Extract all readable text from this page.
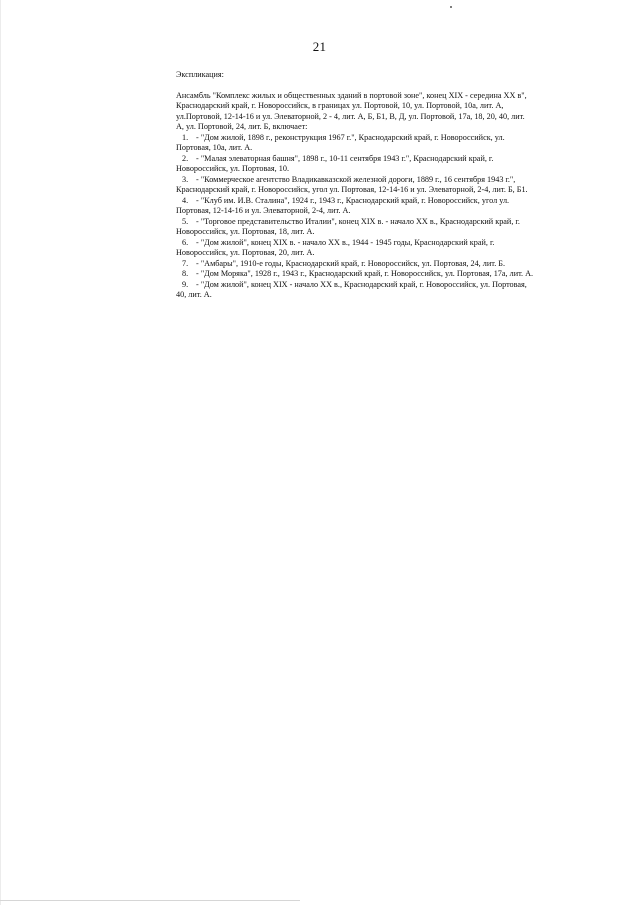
21

Экспликация:

Ансамбль "Комплекс жилых и общественных зданий в портовой зоне", конец XIX - середина XX в", Краснодарский край, г. Новороссийск, в границах ул. Портовой, 10, ул. Портовой, 10а, лит. А, ул.Портовой, 12-14-16 и ул. Элеваторной, 2 - 4, лит. А, Б, Б1, В, Д, ул. Портовой, 17а, 18, 20, 40, лит. А, ул. Портовой, 24, лит. Б, включает:

1. - "Дом жилой, 1898 г., реконструкция 1967 г.", Краснодарский край, г. Новороссийск, ул. Портовая, 10а, лит. А.
2. - "Малая элеваторная башня", 1898 г., 10-11 сентября 1943 г.", Краснодарский край, г. Новороссийск, ул. Портовая, 10.
3. - "Коммерческое агентство Владикавказской железной дороги, 1889 г., 16 сентября 1943 г.", Краснодарский край, г. Новороссийск, угол ул. Портовая, 12-14-16 и ул. Элеваторной, 2-4, лит. Б, Б1.
4. - "Клуб им. И.В. Сталина", 1924 г., 1943 г., Краснодарский край, г. Новороссийск, угол ул. Портовая, 12-14-16 и ул. Элеваторной, 2-4, лит. А.
5. - "Торговое представительство Италии", конец XIX в. - начало XX в., Краснодарский край, г. Новороссийск, ул. Портовая, 18, лит. А.
6. - "Дом жилой", конец XIX в. - начало XX в., 1944 - 1945 годы, Краснодарский край, г. Новороссийск, ул. Портовая, 20, лит. А.
7. - "Амбары", 1910-е годы, Краснодарский край, г. Новороссийск, ул. Портовая, 24, лит. Б.
8. - "Дом Моряка", 1928 г., 1943 г., Краснодарский край, г. Новороссийск, ул. Портовая, 17а, лит. А.
9. - "Дом жилой", конец XIX - начало XX в., Краснодарский край, г. Новороссийск, ул. Портовая, 40, лит. А.
